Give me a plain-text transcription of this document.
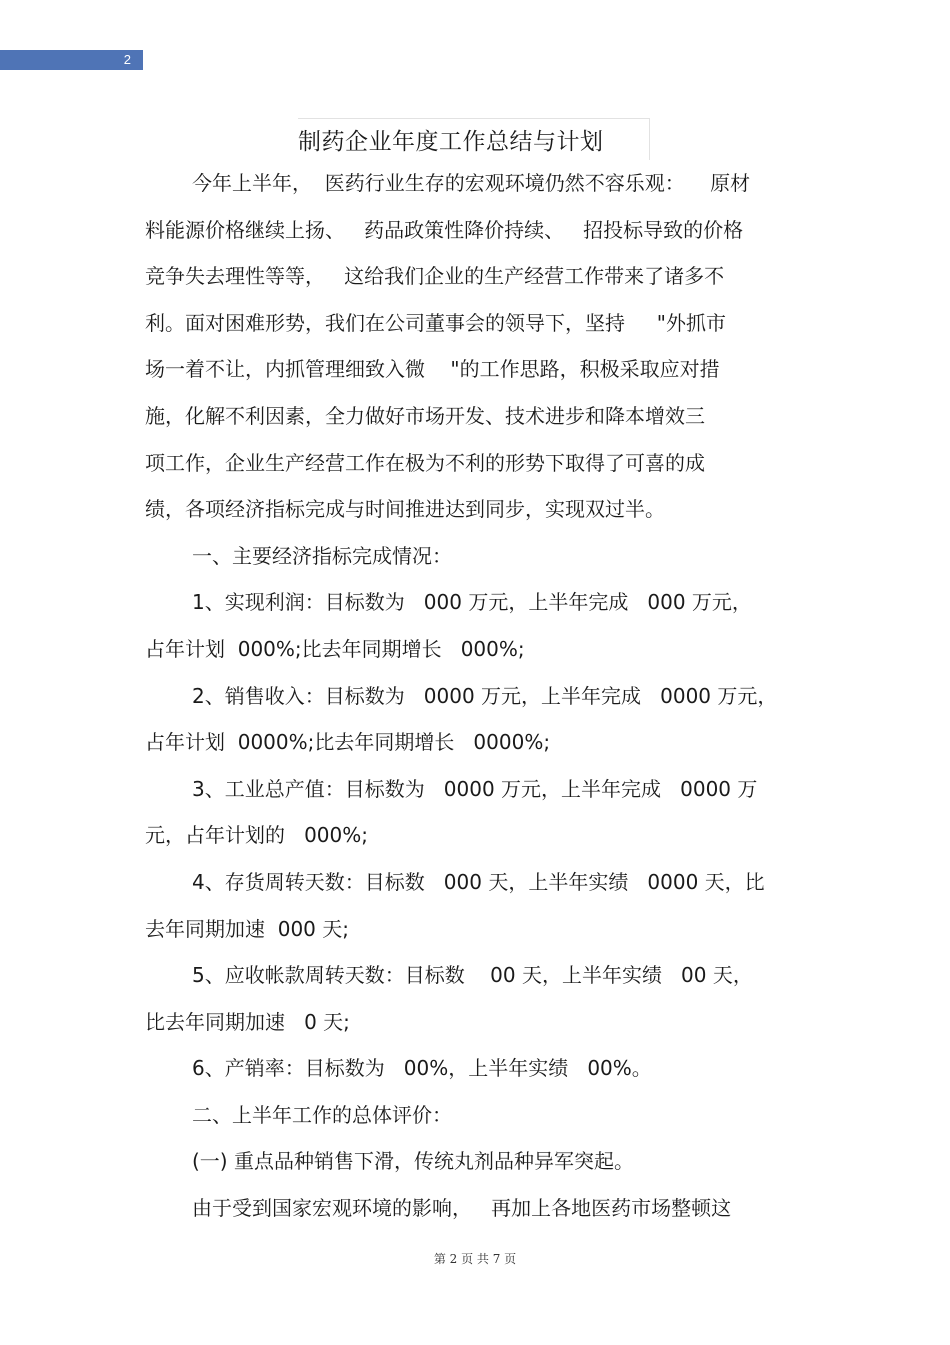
2
制药企业年度工作总结与计划
今年上半年，  医药行业生存的宏观环境仍然不容乐观：    原材
料能源价格继续上扬、   药品政策性降价持续、   招投标导致的价格
竞争失去理性等等，   这给我们企业的生产经营工作带来了诸多不
利。面对困难形势，我们在公司董事会的领导下，坚持     "外抓市
场一着不让，内抓管理细致入微    "的工作思路，积极采取应对措
施，化解不利因素，全力做好市场开发、技术进步和降本增效三
项工作，企业生产经营工作在极为不利的形势下取得了可喜的成
绩，各项经济指标完成与时间推进达到同步，实现双过半。
一、主要经济指标完成情况：
1、实现利润：目标数为   000 万元，上半年完成   000 万元，
占年计划  000%;比去年同期增长   000%;
2、销售收入：目标数为   0000 万元，上半年完成   0000 万元，
占年计划  0000%;比去年同期增长   0000%;
3、工业总产值：目标数为   0000 万元，上半年完成   0000 万
元，占年计划的   000%;
4、存货周转天数：目标数   000 天，上半年实绩   0000 天，比
去年同期加速  000 天;
5、应收帐款周转天数：目标数    00 天，上半年实绩   00 天，
比去年同期加速   0 天;
6、产销率：目标数为   00%，上半年实绩   00%。
二、上半年工作的总体评价：
(一) 重点品种销售下滑，传统丸剂品种异军突起。
由于受到国家宏观环境的影响，   再加上各地医药市场整顿这
第 2 页 共 7 页
